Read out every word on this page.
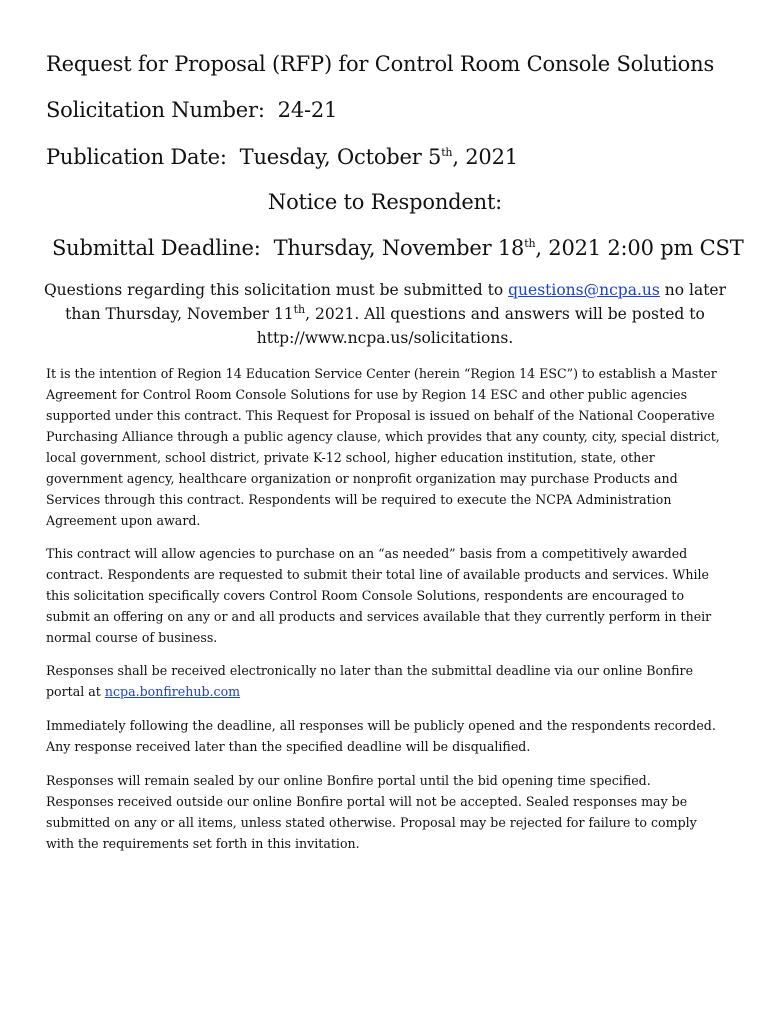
Request for Proposal (RFP) for Control Room Console Solutions
Solicitation Number: 24-21
Publication Date: Tuesday, October 5th, 2021
Notice to Respondent:
Submittal Deadline: Thursday, November 18th, 2021 2:00 pm CST
Questions regarding this solicitation must be submitted to questions@ncpa.us no later
than Thursday, November 11th, 2021. All questions and answers will be posted to
http://www.ncpa.us/solicitations.
It is the intention of Region 14 Education Service Center (herein “Region 14 ESC”) to establish a Master
Agreement for Control Room Console Solutions for use by Region 14 ESC and other public agencies
supported under this contract. This Request for Proposal is issued on behalf of the National Cooperative
Purchasing Alliance through a public agency clause, which provides that any county, city, special district,
local government, school district, private K-12 school, higher education institution, state, other
government agency, healthcare organization or nonprofit organization may purchase Products and
Services through this contract. Respondents will be required to execute the NCPA Administration
Agreement upon award.
This contract will allow agencies to purchase on an “as needed” basis from a competitively awarded
contract. Respondents are requested to submit their total line of available products and services. While
this solicitation specifically covers Control Room Console Solutions, respondents are encouraged to
submit an offering on any or and all products and services available that they currently perform in their
normal course of business.
Responses shall be received electronically no later than the submittal deadline via our online Bonfire
portal at ncpa.bonfirehub.com
Immediately following the deadline, all responses will be publicly opened and the respondents recorded.
Any response received later than the specified deadline will be disqualified.
Responses will remain sealed by our online Bonfire portal until the bid opening time specified.
Responses received outside our online Bonfire portal will not be accepted. Sealed responses may be
submitted on any or all items, unless stated otherwise. Proposal may be rejected for failure to comply
with the requirements set forth in this invitation.
